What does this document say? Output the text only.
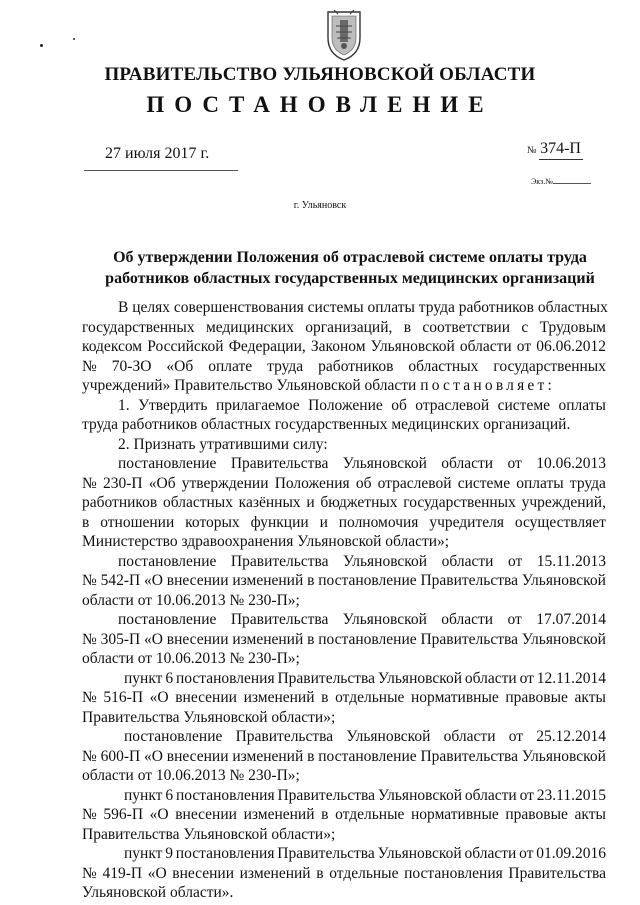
ПРАВИТЕЛЬСТВО УЛЬЯНОВСКОЙ ОБЛАСТИ
ПОСТАНОВЛЕНИЕ
27 июля 2017 г.	№ 374-П
Экз.№
г. Ульяновск
Об утверждении Положения об отраслевой системе оплаты труда
работников областных государственных медицинских организаций
В целях совершенствования системы оплаты труда работников областных
государственных медицинских организаций, в соответствии с Трудовым
кодексом Российской Федерации, Законом Ульяновской области от 06.06.2012
№ 70-ЗО «Об оплате труда работников областных государственных
учреждений» Правительство Ульяновской области постановляет:
1. Утвердить прилагаемое Положение об отраслевой системе оплаты
труда работников областных государственных медицинских организаций.
2. Признать утратившими силу:
постановление Правительства Ульяновской области от 10.06.2013
№ 230-П «Об утверждении Положения об отраслевой системе оплаты труда
работников областных казённых и бюджетных государственных учреждений,
в отношении которых функции и полномочия учредителя осуществляет
Министерство здравоохранения Ульяновской области»;
постановление Правительства Ульяновской области от 15.11.2013
№ 542-П «О внесении изменений в постановление Правительства Ульяновской
области от 10.06.2013 № 230-П»;
постановление Правительства Ульяновской области от 17.07.2014
№ 305-П «О внесении изменений в постановление Правительства Ульяновской
области от 10.06.2013 № 230-П»;
пункт 6 постановления Правительства Ульяновской области от 12.11.2014
№ 516-П «О внесении изменений в отдельные нормативные правовые акты
Правительства Ульяновской области»;
постановление Правительства Ульяновской области от 25.12.2014
№ 600-П «О внесении изменений в постановление Правительства Ульяновской
области от 10.06.2013 № 230-П»;
пункт 6 постановления Правительства Ульяновской области от 23.11.2015
№ 596-П «О внесении изменений в отдельные нормативные правовые акты
Правительства Ульяновской области»;
пункт 9 постановления Правительства Ульяновской области от 01.09.2016
№ 419-П «О внесении изменений в отдельные постановления Правительства
Ульяновской области».
